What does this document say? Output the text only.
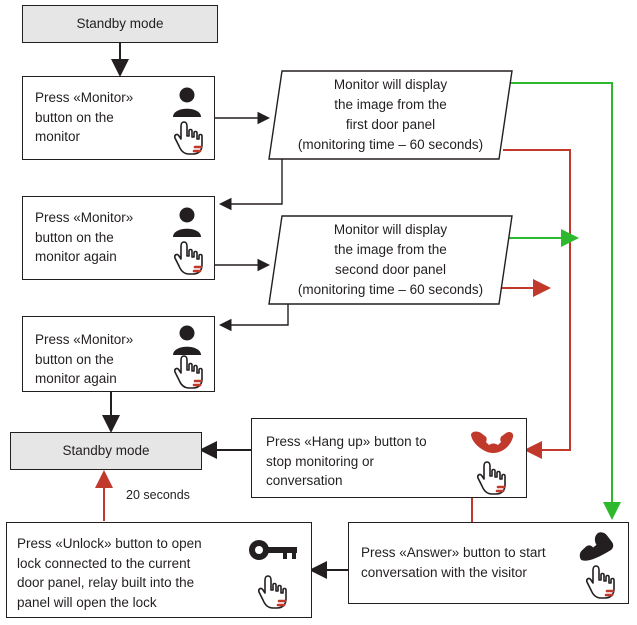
Standby mode
Press «Monitor»
button on the
monitor
Press «Monitor»
button on the
monitor again
Press «Monitor»
button on the
monitor again
Monitor will display
the image from the
first door panel
(monitoring time – 60 seconds)
Monitor will display
the image from the
second door panel
(monitoring time – 60 seconds)
Standby mode
20 seconds
Press «Hang up» button to
stop monitoring or
conversation
Press «Unlock» button to open
lock connected to the current
door panel, relay built into the
panel will open the lock
Press «Answer» button to start
conversation with the visitor
